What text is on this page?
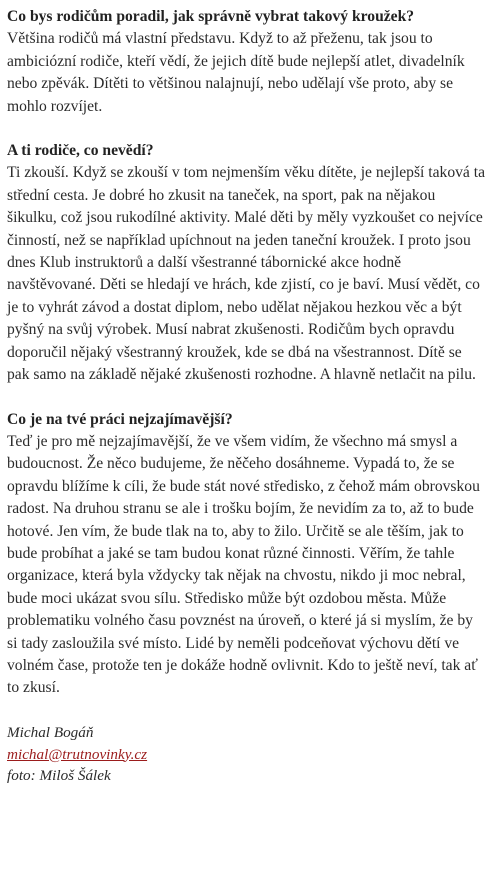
Co bys rodičům poradil, jak správně vybrat takový kroužek?

Většina rodičů má vlastní představu. Když to až přeženu, tak jsou to ambiciózní rodiče, kteří vědí, že jejich dítě bude nejlepší atlet, divadelník nebo zpěvák. Dítěti to většinou nalajnují, nebo udělají vše proto, aby se mohlo rozvíjet.

A ti rodiče, co nevědí?

Ti zkouší. Když se zkouší v tom nejmenším věku dítěte, je nejlepší taková ta střední cesta. Je dobré ho zkusit na taneček, na sport, pak na nějakou šikulku, což jsou rukodílné aktivity. Malé děti by měly vyzkoušet co nejvíce činností, než se například upíchnout na jeden taneční kroužek. I proto jsou dnes Klub instruktorů a další všestranné tábornické akce hodně navštěvované. Děti se hledají ve hrách, kde zjistí, co je baví. Musí vědět, co je to vyhrát závod a dostat diplom, nebo udělat nějakou hezkou věc a být pyšný na svůj výrobek. Musí nabrat zkušenosti. Rodičům bych opravdu doporučil nějaký všestranný kroužek, kde se dbá na všestrannost. Dítě se pak samo na základě nějaké zkušenosti rozhodne. A hlavně netlačit na pilu.

Co je na tvé práci nejzajímavější?

Teď je pro mě nejzajímavější, že ve všem vidím, že všechno má smysl a budoucnost. Že něco budujeme, že něčeho dosáhneme. Vypadá to, že se opravdu blížíme k cíli, že bude stát nové středisko, z čehož mám obrovskou radost. Na druhou stranu se ale i trošku bojím, že nevidím za to, až to bude hotové. Jen vím, že bude tlak na to, aby to žilo. Určitě se ale těším, jak to bude probíhat a jaké se tam budou konat různé činnosti. Věřím, že tahle organizace, která byla vždycky tak nějak na chvostu, nikdo ji moc nebral, bude moci ukázat svou sílu. Středisko může být ozdobou města. Může problematiku volného času povznést na úroveň, o které já si myslím, že by si tady zasloužila své místo. Lidé by neměli podceňovat výchovu dětí ve volném čase, protože ten je dokáže hodně ovlivnit. Kdo to ještě neví, tak ať to zkusí.

Michal Bogáň
michal@trutnovinky.cz
foto: Miloš Šálek
